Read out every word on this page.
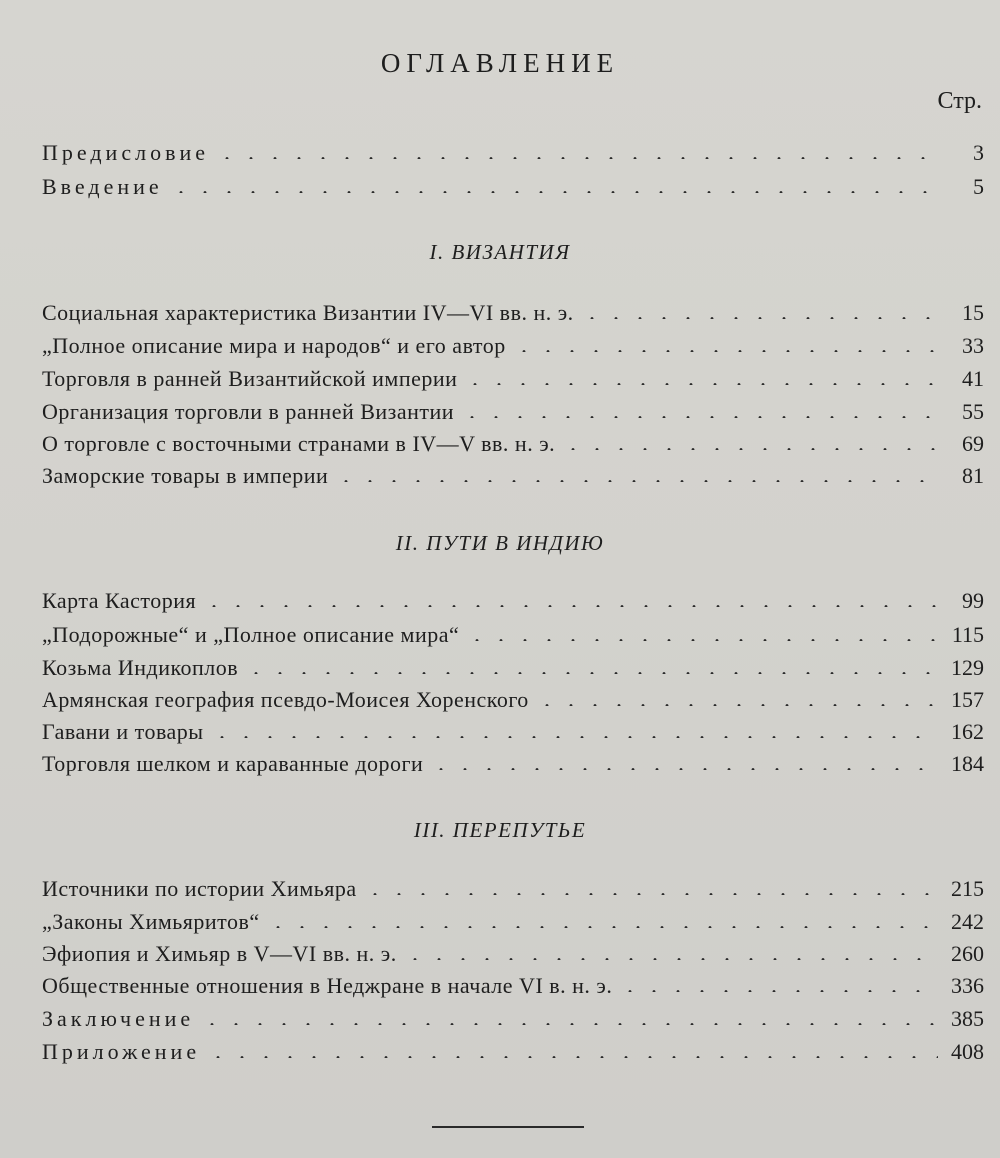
ОГЛАВЛЕНИЕ
Стр.
Предисловие	3
Введение	5
I. ВИЗАНТИЯ
Социальная характеристика Византии IV—VI вв. н. э.	15
„Полное описание мира и народов“ и его автор	33
Торговля в ранней Византийской империи	41
Организация торговли в ранней Византии	55
О торговле с восточными странами в IV—V вв. н. э.	69
Заморские товары в империи	81
II. ПУТИ В ИНДИЮ
Карта Кастория	99
„Подорожные“ и „Полное описание мира“	115
Козьма Индикоплов	129
Армянская география псевдо-Моисея Хоренского	157
Гавани и товары	162
Торговля шелком и караванные дороги	184
III. ПЕРЕПУТЬЕ
Источники по истории Химьяра	215
„Законы Химьяритов“	242
Эфиопия и Химьяр в V—VI вв. н. э.	260
Общественные отношения в Неджране в начале VI в. н. э.	336
Заключение	385
Приложение	408
